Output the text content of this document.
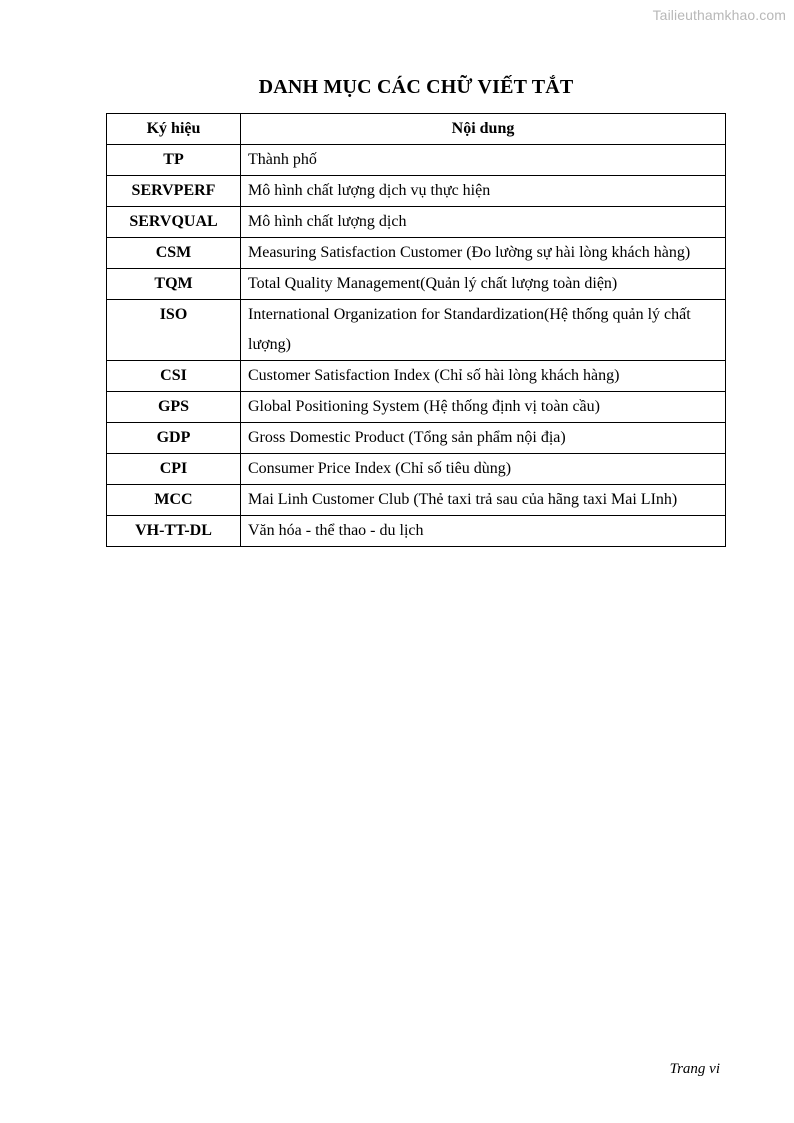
Tailieuthamkhao.com
DANH MỤC CÁC CHỮ VIẾT TẮT
Ký hiệu	Nội dung
TP	Thành phố
SERVPERF	Mô hình chất lượng dịch vụ thực hiện
SERVQUAL	Mô hình chất lượng dịch
CSM	Measuring Satisfaction Customer (Đo lường sự hài lòng khách hàng)
TQM	Total Quality Management(Quản lý chất lượng toàn diện)
ISO	International Organization for Standardization(Hệ thống quản lý chất lượng)
CSI	Customer Satisfaction Index (Chỉ số hài lòng khách hàng)
GPS	Global Positioning System (Hệ thống định vị toàn cầu)
GDP	Gross Domestic Product (Tổng sản phẩm nội địa)
CPI	Consumer Price Index (Chỉ số tiêu dùng)
MCC	Mai Linh Customer Club (Thẻ taxi trả sau của hãng taxi Mai LInh)
VH-TT-DL	Văn hóa - thể thao - du lịch
Trang vi
